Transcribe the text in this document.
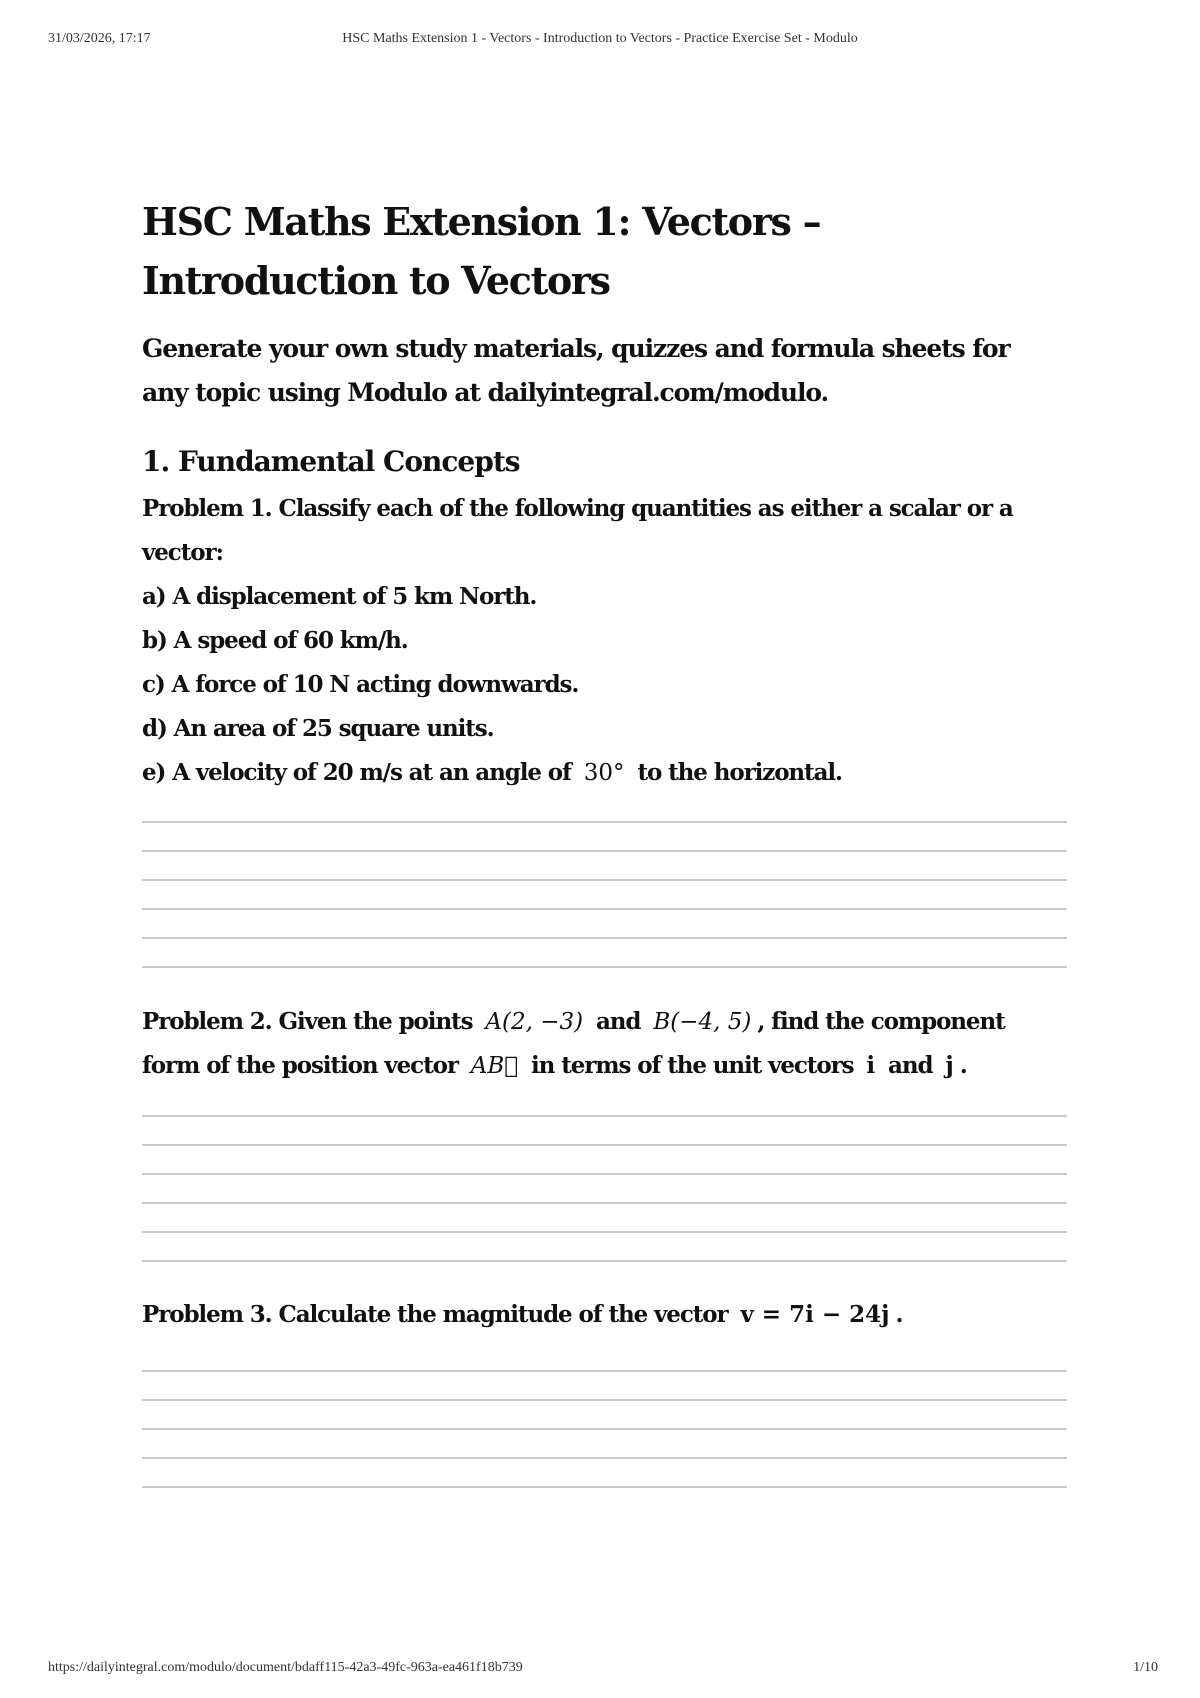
31/03/2026, 17:17	HSC Maths Extension 1 - Vectors - Introduction to Vectors - Practice Exercise Set - Modulo
HSC Maths Extension 1: Vectors – Introduction to Vectors

Generate your own study materials, quizzes and formula sheets for any topic using Modulo at dailyintegral.com/modulo.

1. Fundamental Concepts

Problem 1. Classify each of the following quantities as either a scalar or a vector:

a) A displacement of 5 km North.

b) A speed of 60 km/h.

c) A force of 10 N acting downwards.

d) An area of 25 square units.

e) A velocity of 20 m/s at an angle of 30° to the horizontal.

Problem 2. Given the points A(2, −3) and B(−4, 5) , find the component form of the position vector AB⃗ in terms of the unit vectors i and j .

Problem 3. Calculate the magnitude of the vector v = 7i − 24j .

https://dailyintegral.com/modulo/document/bdaff115-42a3-49fc-963a-ea461f18b739	1/10
